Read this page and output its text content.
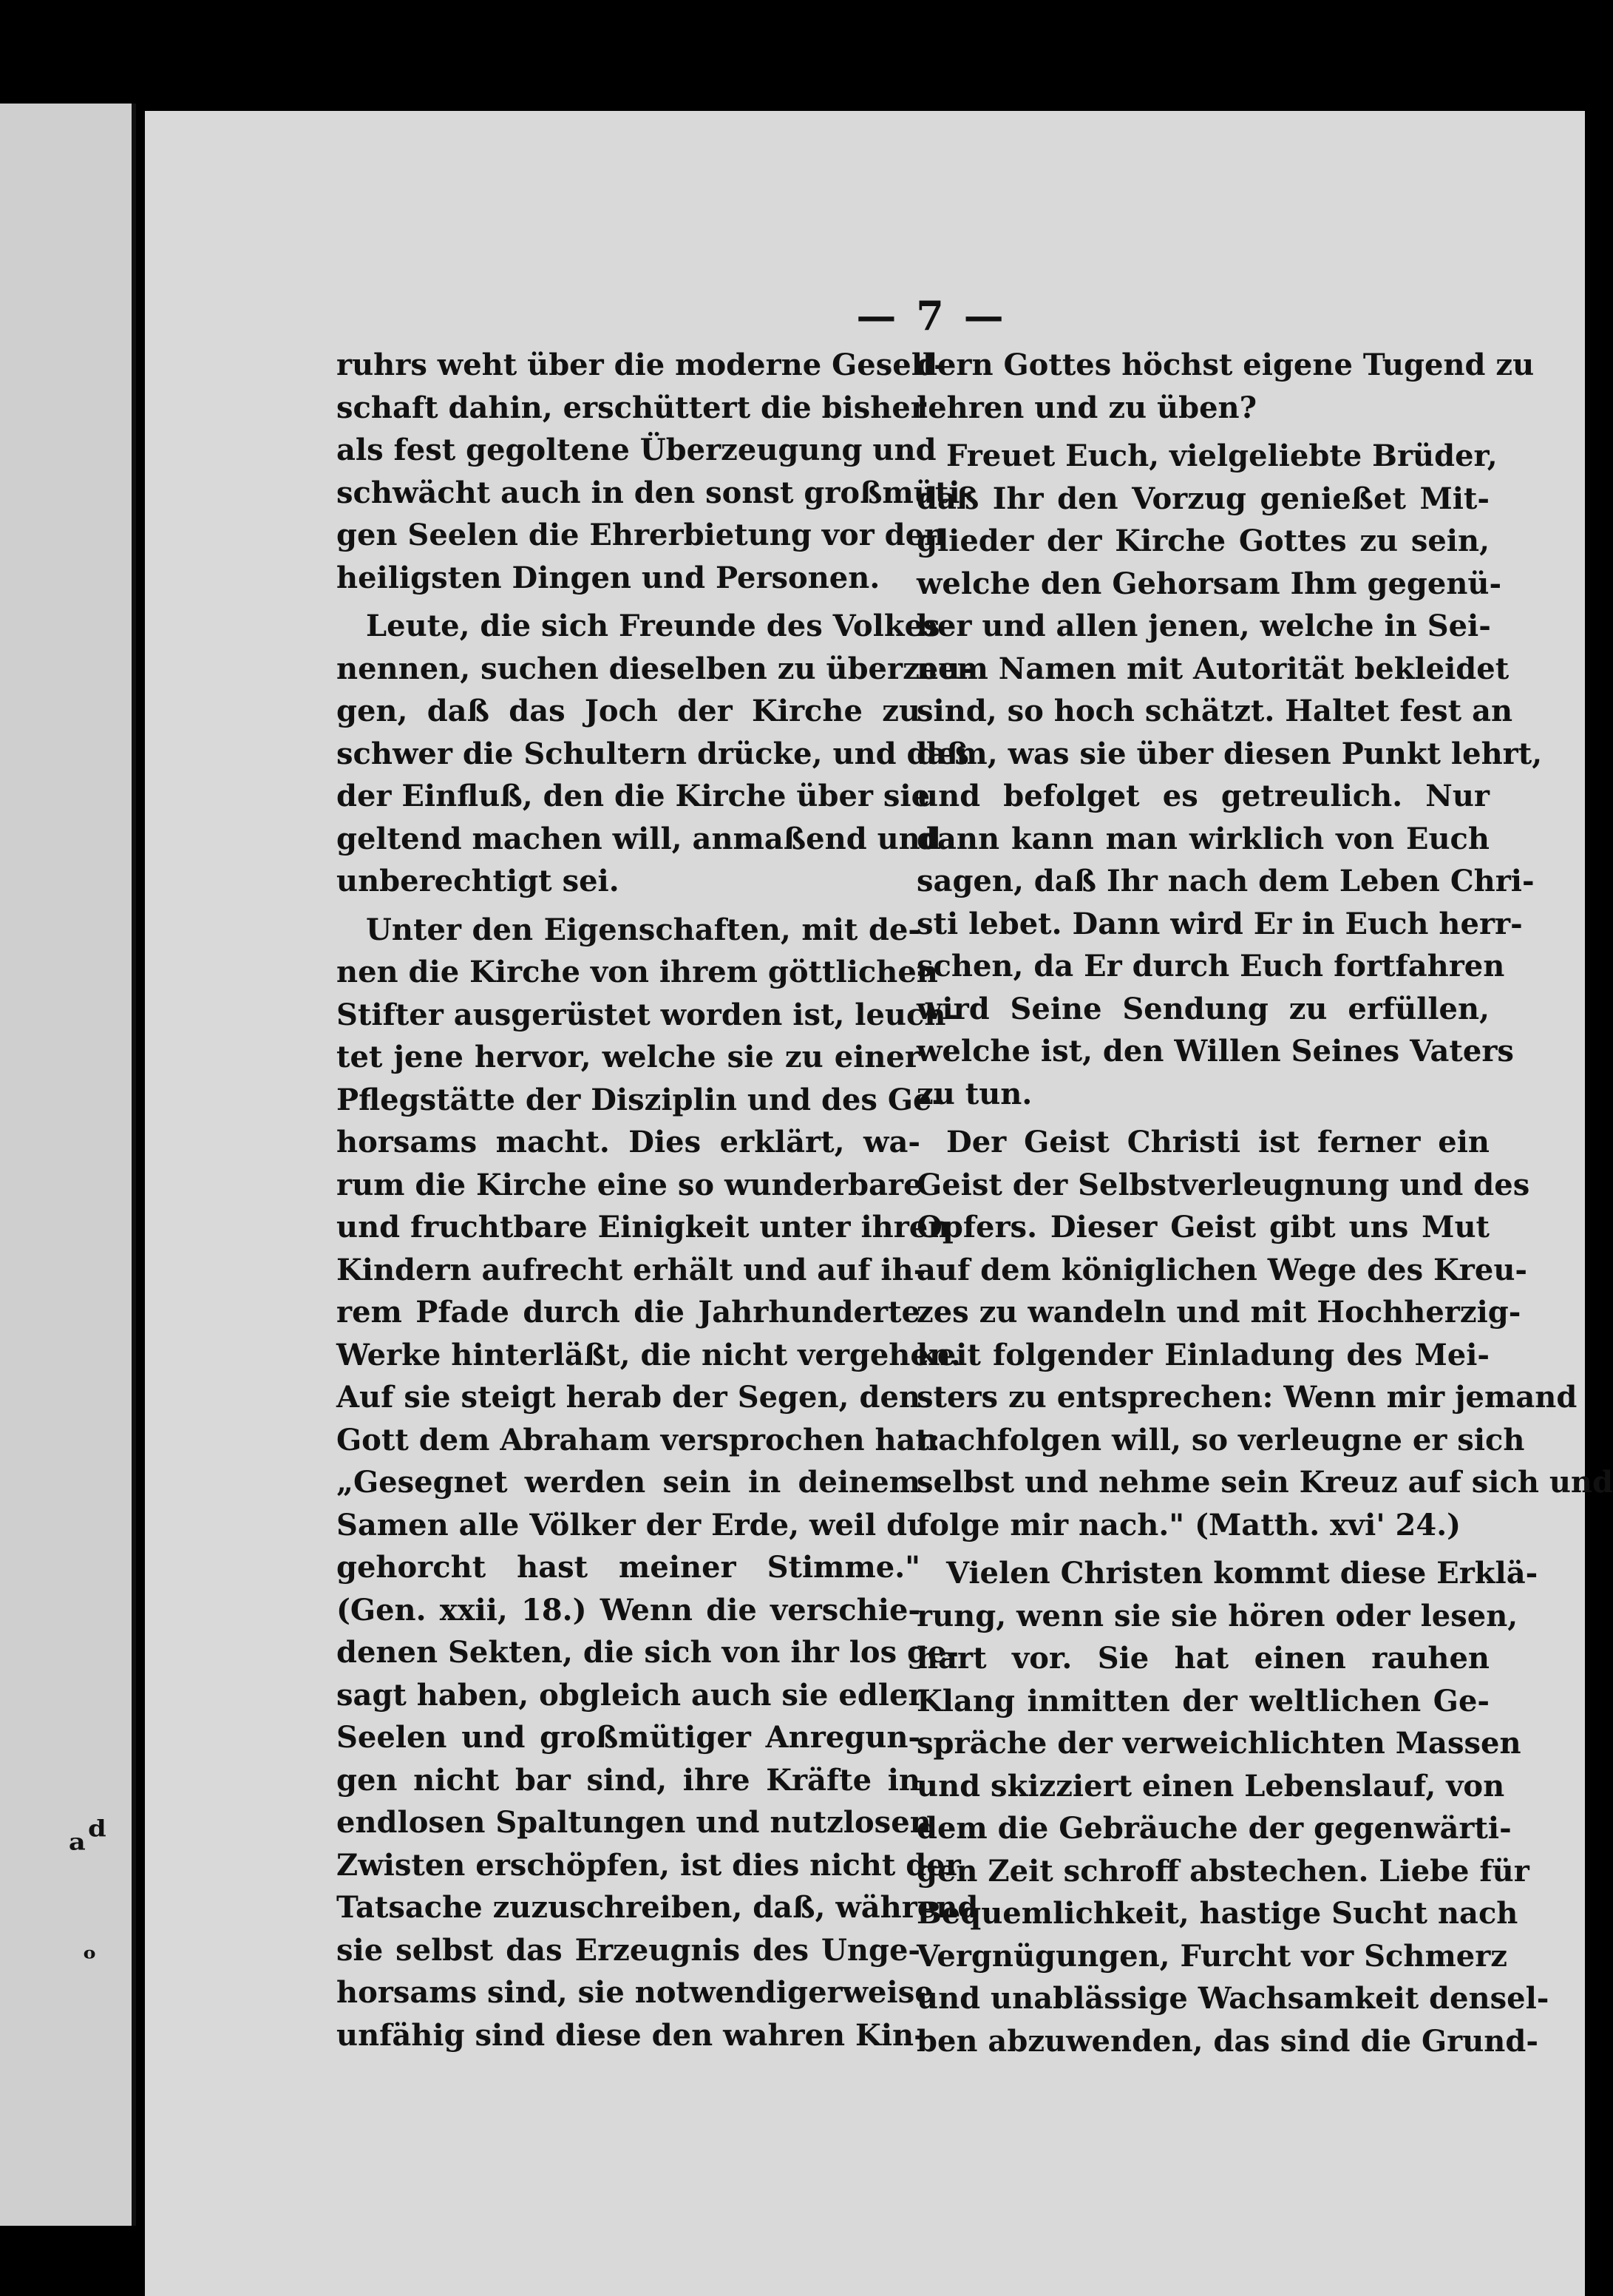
ₐᵈ
ₒ
— 7 —
ruhrs weht über die moderne Gesell-
schaft dahin, erschüttert die bisher
als fest gegoltene Überzeugung und
schwächt auch in den sonst großmüti-
gen Seelen die Ehrerbietung vor den
heiligsten Dingen und Personen.
Leute, die sich Freunde des Volkes
nennen, suchen dieselben zu überzeu-
gen, daß das Joch der Kirche zu
schwer die Schultern drücke, und daß
der Einfluß, den die Kirche über sie
geltend machen will, anmaßend und
unberechtigt sei.
Unter den Eigenschaften, mit de-
nen die Kirche von ihrem göttlichen
Stifter ausgerüstet worden ist, leuch-
tet jene hervor, welche sie zu einer
Pflegstätte der Disziplin und des Ge-
horsams macht. Dies erklärt, wa-
rum die Kirche eine so wunderbare
und fruchtbare Einigkeit unter ihren
Kindern aufrecht erhält und auf ih-
rem Pfade durch die Jahrhunderte
Werke hinterläßt, die nicht vergehen.
Auf sie steigt herab der Segen, den
Gott dem Abraham versprochen hat:
„Gesegnet werden sein in deinem
Samen alle Völker der Erde, weil du
gehorcht hast meiner Stimme."
(Gen. xxii, 18.) Wenn die verschie-
denen Sekten, die sich von ihr los ge-
sagt haben, obgleich auch sie edler
Seelen und großmütiger Anregun-
gen nicht bar sind, ihre Kräfte in
endlosen Spaltungen und nutzlosen
Zwisten erschöpfen, ist dies nicht der
Tatsache zuzuschreiben, daß, während
sie selbst das Erzeugnis des Unge-
horsams sind, sie notwendigerweise
unfähig sind diese den wahren Kin-
dern Gottes höchst eigene Tugend zu
lehren und zu üben?
Freuet Euch, vielgeliebte Brüder,
daß Ihr den Vorzug genießet Mit-
glieder der Kirche Gottes zu sein,
welche den Gehorsam Ihm gegenü-
ber und allen jenen, welche in Sei-
nem Namen mit Autorität bekleidet
sind, so hoch schätzt. Haltet fest an
dem, was sie über diesen Punkt lehrt,
und befolget es getreulich. Nur
dann kann man wirklich von Euch
sagen, daß Ihr nach dem Leben Chri-
sti lebet. Dann wird Er in Euch herr-
schen, da Er durch Euch fortfahren
wird Seine Sendung zu erfüllen,
welche ist, den Willen Seines Vaters
zu tun.
Der Geist Christi ist ferner ein
Geist der Selbstverleugnung und des
Opfers. Dieser Geist gibt uns Mut
auf dem königlichen Wege des Kreu-
zes zu wandeln und mit Hochherzig-
keit folgender Einladung des Mei-
sters zu entsprechen: Wenn mir jemand
nachfolgen will, so verleugne er sich
selbst und nehme sein Kreuz auf sich und
folge mir nach." (Matth. xvi' 24.)
Vielen Christen kommt diese Erklä-
rung, wenn sie sie hören oder lesen,
hart vor. Sie hat einen rauhen
Klang inmitten der weltlichen Ge-
spräche der verweichlichten Massen
und skizziert einen Lebenslauf, von
dem die Gebräuche der gegenwärti-
gen Zeit schroff abstechen. Liebe für
Bequemlichkeit, hastige Sucht nach
Vergnügungen, Furcht vor Schmerz
und unablässige Wachsamkeit densel-
ben abzuwenden, das sind die Grund-
